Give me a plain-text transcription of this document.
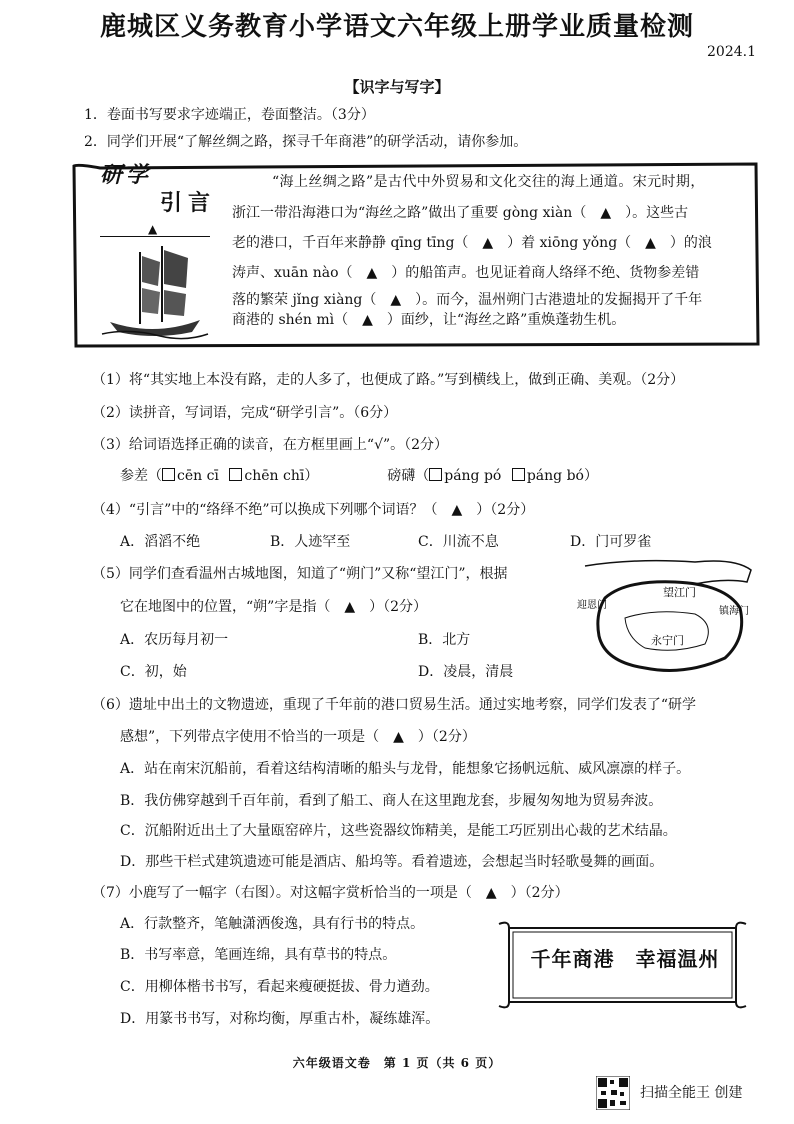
鹿城区义务教育小学语文六年级上册学业质量检测
2024.1
【识字与写字】
1．卷面书写要求字迹端正，卷面整洁。（3分）
2．同学们开展“了解丝绸之路，探寻千年商港”的研学活动，请你参加。
研学
引言
▲
“海上丝绸之路”是古代中外贸易和文化交往的海上通道。宋元时期，
浙江一带沿海港口为“海丝之路”做出了重要 gòng xiàn（　▲　）。这些古
老的港口，千百年来静静 qīng tīng（　▲　）着 xiōng yǒng（　▲　）的浪
涛声、xuān nào（　▲　）的船笛声。也见证着商人络绎不绝、货物参差错
落的繁荣 jǐng xiàng（　▲　）。而今，温州朔门古港遗址的发掘揭开了千年
商港的 shén mì（　▲　）面纱，让“海丝之路”重焕蓬勃生机。
（1）将“其实地上本没有路，走的人多了，也便成了路。”写到横线上，做到正确、美观。（2分）
（2）读拼音，写词语，完成“研学引言”。（6分）
（3）给词语选择正确的读音，在方框里画上“√”。（2分）
参差（ cēn cī chēn chī）	磅礴（ páng pó páng bó）
（4）“引言”中的“络绎不绝”可以换成下列哪个词语？（　▲　）（2分）
A．滔滔不绝	B．人迹罕至	C．川流不息	D．门可罗雀
（5）同学们查看温州古城地图，知道了“朔门”又称“望江门”，根据
它在地图中的位置，“朔”字是指（　▲　）（2分）
A．农历每月初一	B．北方
C．初，始	D．凌晨，清晨
望江门
迎恩门
镇海门
永宁门
（6）遗址中出土的文物遗迹，重现了千年前的港口贸易生活。通过实地考察，同学们发表了“研学
感想”，下列带点字使用不恰当的一项是（　▲　）（2分）
A．站在南宋沉船前，看着这结构清晰的船头与龙骨，能想象它扬帆远航、威风凛凛的样子。
B．我仿佛穿越到千百年前，看到了船工、商人在这里跑龙套，步履匆匆地为贸易奔波。
C．沉船附近出土了大量瓯窑碎片，这些瓷器纹饰精美，是能工巧匠别出心裁的艺术结晶。
D．那些干栏式建筑遗迹可能是酒店、船坞等。看着遗迹，会想起当时轻歌曼舞的画面。
（7）小鹿写了一幅字（右图）。对这幅字赏析恰当的一项是（　▲　）（2分）
A．行款整齐，笔触潇洒俊逸，具有行书的特点。
B．书写率意，笔画连绵，具有草书的特点。
C．用柳体楷书书写，看起来瘦硬挺拔、骨力遒劲。
D．用篆书书写，对称均衡，厚重古朴，凝练雄浑。
千年商港　幸福温州
六年级语文卷　第 1 页（共 6 页）
扫描全能王 创建
